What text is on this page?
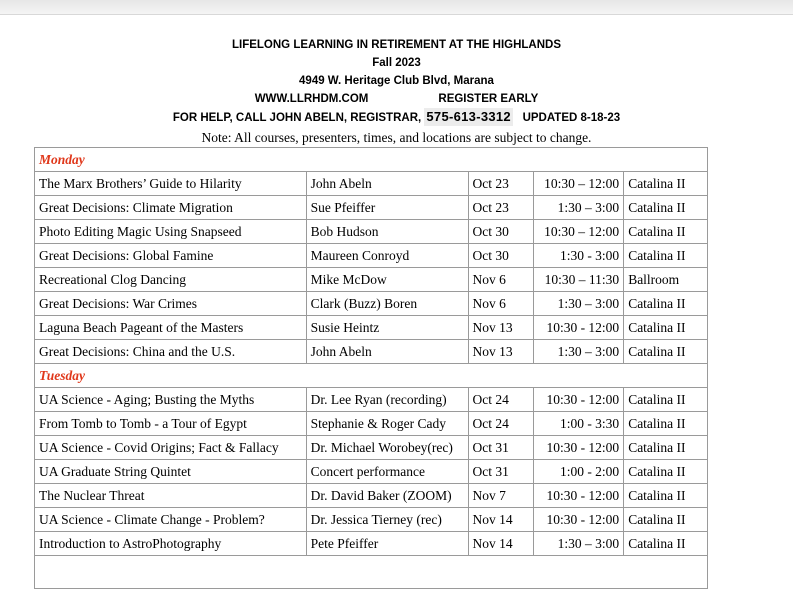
LIFELONG LEARNING IN RETIREMENT AT THE HIGHLANDS
Fall 2023
4949 W. Heritage Club Blvd, Marana
WWW.LLRHDM.COM	REGISTER EARLY
FOR HELP, CALL JOHN ABELN, REGISTRAR, 575-613-3312 UPDATED 8-18-23
Note: All courses, presenters, times, and locations are subject to change.
Monday				
The Marx Brothers’ Guide to Hilarity	John Abeln	Oct 23	10:30 – 12:00	Catalina II
Great Decisions: Climate Migration	Sue Pfeiffer	Oct 23	1:30 – 3:00	Catalina II
Photo Editing Magic Using Snapseed	Bob Hudson	Oct 30	10:30 – 12:00	Catalina II
Great Decisions: Global Famine	Maureen Conroyd	Oct 30	1:30 - 3:00	Catalina II
Recreational Clog Dancing	Mike McDow	Nov 6	10:30 – 11:30	Ballroom
Great Decisions: War Crimes	Clark (Buzz) Boren	Nov 6	1:30 – 3:00	Catalina II
Laguna Beach Pageant of the Masters	Susie Heintz	Nov 13	10:30 - 12:00	Catalina II
Great Decisions: China and the U.S.	John Abeln	Nov 13	1:30 – 3:00	Catalina II
Tuesday				
UA Science - Aging; Busting the Myths	Dr. Lee Ryan (recording)	Oct 24	10:30 - 12:00	Catalina II
From Tomb to Tomb - a Tour of Egypt	Stephanie & Roger Cady	Oct 24	1:00 - 3:30	Catalina II
UA Science - Covid Origins; Fact & Fallacy	Dr. Michael Worobey(rec)	Oct 31	10:30 - 12:00	Catalina II
UA Graduate String Quintet	Concert performance	Oct 31	1:00 - 2:00	Catalina II
The Nuclear Threat	Dr. David Baker (ZOOM)	Nov 7	10:30 - 12:00	Catalina II
UA Science - Climate Change - Problem?	Dr. Jessica Tierney (rec)	Nov 14	10:30 - 12:00	Catalina II
Introduction to AstroPhotography	Pete Pfeiffer	Nov 14	1:30 – 3:00	Catalina II
